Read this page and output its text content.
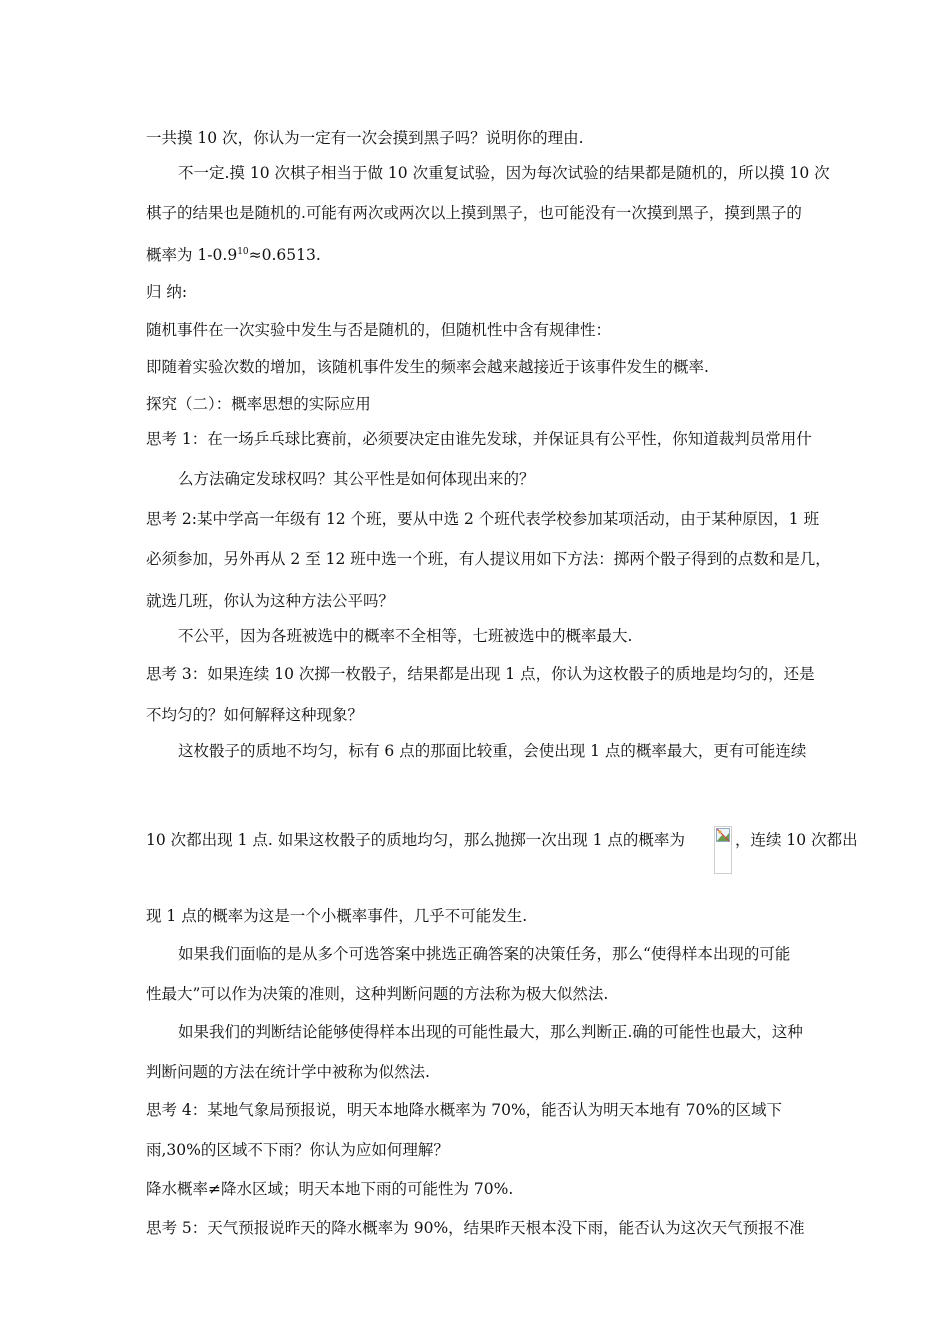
一共摸 10 次，你认为一定有一次会摸到黑子吗？说明你的理由.
不一定.摸 10 次棋子相当于做 10 次重复试验，因为每次试验的结果都是随机的，所以摸 10 次
棋子的结果也是随机的.可能有两次或两次以上摸到黑子，也可能没有一次摸到黑子，摸到黑子的
概率为 $1-0.9^{10}\approx 0.6513$.
归 纳:
随机事件在一次实验中发生与否是随机的，但随机性中含有规律性：
即随着实验次数的增加，该随机事件发生的频率会越来越接近于该事件发生的概率.
探究（二）：概率思想的实际应用
思考 1：在一场乒乓球比赛前，必须要决定由谁先发球，并保证具有公平性，你知道裁判员常用什
么方法确定发球权吗？其公平性是如何体现出来的？
思考 2:某中学高一年级有 12 个班，要从中选 2 个班代表学校参加某项活动，由于某种原因，1 班
必须参加，另外再从 2 至 12 班中选一个班，有人提议用如下方法：掷两个骰子得到的点数和是几，
就选几班，你认为这种方法公平吗？
不公平，因为各班被选中的概率不全相等，七班被选中的概率最大.
思考 3：如果连续 10 次掷一枚骰子，结果都是出现 1 点，你认为这枚骰子的质地是均匀的，还是
不均匀的？如何解释这种现象？
这枚骰子的质地不均匀，标有 6 点的那面比较重，会使出现 1 点的概率最大，更有可能连续
10 次都出现 1 点. 如果这枚骰子的质地均匀，那么抛掷一次出现 1 点的概率为	，连续 10 次都出
现 1 点的概率为这是一个小概率事件，几乎不可能发生.
如果我们面临的是从多个可选答案中挑选正确答案的决策任务，那么“使得样本出现的可能
性最大”可以作为决策的准则，这种判断问题的方法称为极大似然法.
如果我们的判断结论能够使得样本出现的可能性最大，那么判断正.确的可能性也最大，这种
判断问题的方法在统计学中被称为似然法.
思考 4：某地气象局预报说，明天本地降水概率为 70%，能否认为明天本地有 70%的区域下
雨,30%的区域不下雨？你认为应如何理解？
降水概率≠降水区域；明天本地下雨的可能性为 70%.
思考 5：天气预报说昨天的降水概率为 90%，结果昨天根本没下雨，能否认为这次天气预报不准
